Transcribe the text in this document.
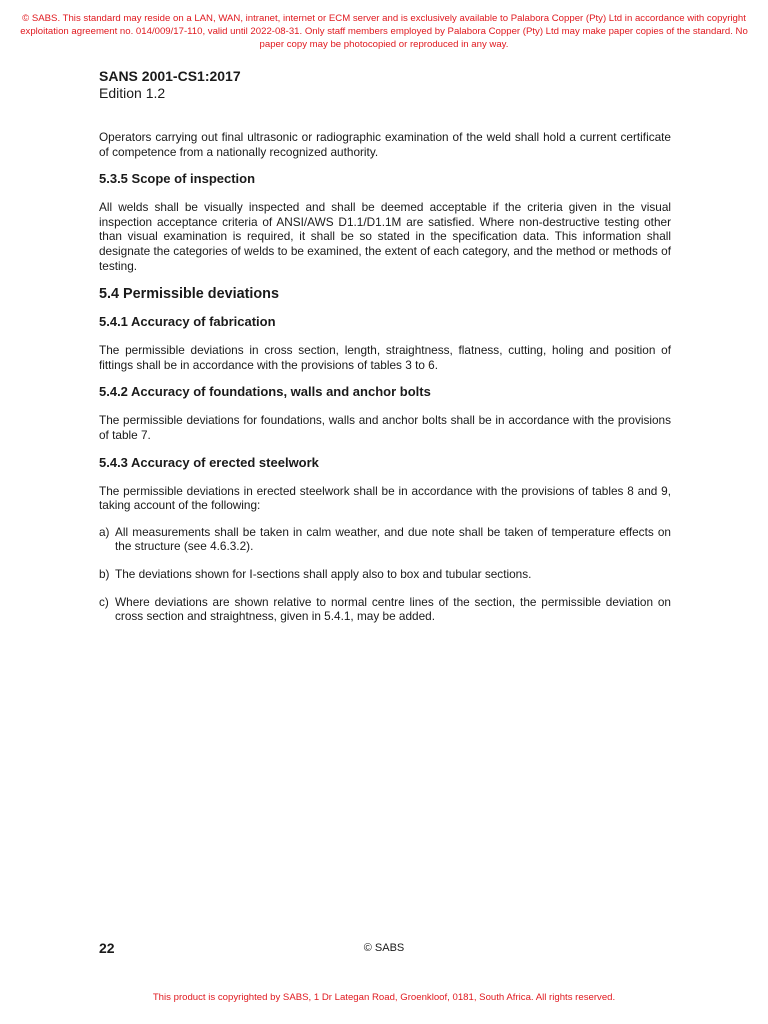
© SABS. This standard may reside on a LAN, WAN, intranet, internet or ECM server and is exclusively available to Palabora Copper (Pty) Ltd in accordance with copyright exploitation agreement no. 014/009/17-110, valid until 2022-08-31. Only staff members employed by Palabora Copper (Pty) Ltd may make paper copies of the standard. No paper copy may be photocopied or reproduced in any way.
SANS 2001-CS1:2017
Edition 1.2

Operators carrying out final ultrasonic or radiographic examination of the weld shall hold a current certificate of competence from a nationally recognized authority.

5.3.5 Scope of inspection

All welds shall be visually inspected and shall be deemed acceptable if the criteria given in the visual inspection acceptance criteria of ANSI/AWS D1.1/D1.1M are satisfied. Where non-destructive testing other than visual examination is required, it shall be so stated in the specification data. This information shall designate the categories of welds to be examined, the extent of each category, and the method or methods of testing.

5.4 Permissible deviations
5.4.1 Accuracy of fabrication

The permissible deviations in cross section, length, straightness, flatness, cutting, holing and position of fittings shall be in accordance with the provisions of tables 3 to 6.

5.4.2 Accuracy of foundations, walls and anchor bolts

The permissible deviations for foundations, walls and anchor bolts shall be in accordance with the provisions of table 7.

5.4.3 Accuracy of erected steelwork

The permissible deviations in erected steelwork shall be in accordance with the provisions of tables 8 and 9, taking account of the following:

a) All measurements shall be taken in calm weather, and due note shall be taken of temperature effects on the structure (see 4.6.3.2).
b) The deviations shown for I-sections shall apply also to box and tubular sections.
c) Where deviations are shown relative to normal centre lines of the section, the permissible deviation on cross section and straightness, given in 5.4.1, may be added.
22	© SABS
This product is copyrighted by SABS, 1 Dr Lategan Road, Groenkloof, 0181, South Africa. All rights reserved.
